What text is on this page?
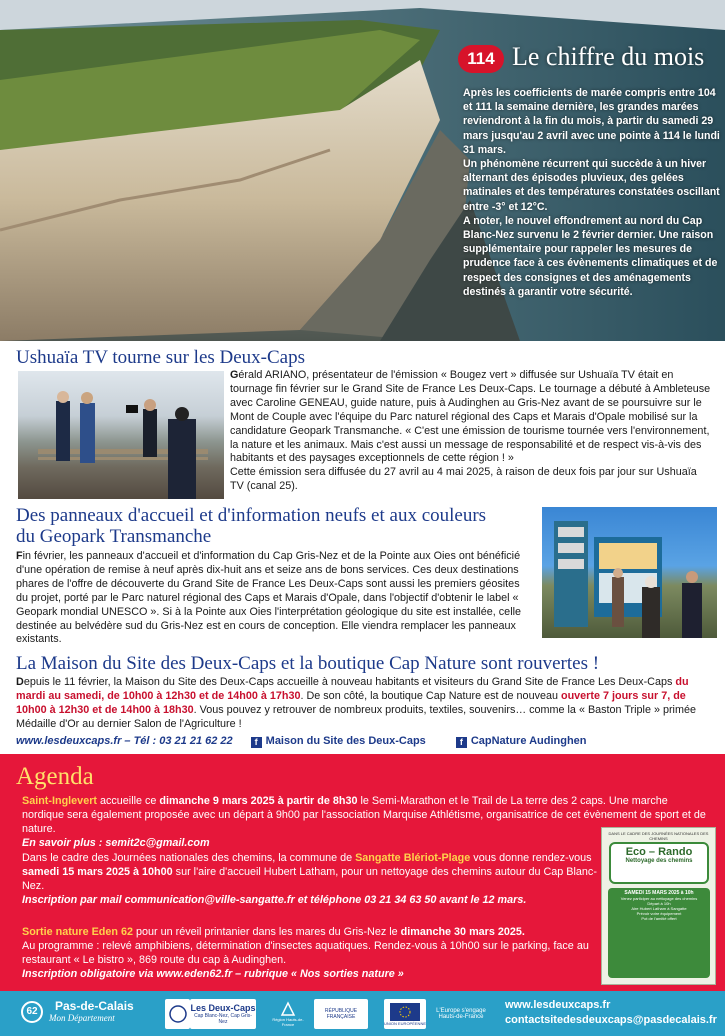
114 Le chiffre du mois

Après les coefficients de marée compris entre 104 et 111 la semaine dernière, les grandes marées reviendront à la fin du mois, à partir du samedi 29 mars jusqu'au 2 avril avec une pointe à 114 le lundi 31 mars.

Un phénomène récurrent qui succède à un hiver alternant des épisodes pluvieux, des gelées matinales et des températures constatées oscillant entre -3° et 12°C.

A noter, le nouvel effondrement au nord du Cap Blanc-Nez survenu le 2 février dernier. Une raison supplémentaire pour rappeler les mesures de prudence face à ces évènements climatiques et de respect des consignes et des aménagements destinés à garantir votre sécurité.

Ushuaïa TV tourne sur les Deux-Caps
Gérald ARIANO, présentateur de l'émission « Bougez vert » diffusée sur Ushuaïa TV était en tournage fin février sur le Grand Site de France Les Deux-Caps. Le tournage a débuté à Ambleteuse avec Caroline GENEAU, guide nature, puis à Audinghen au Gris-Nez avant de se poursuivre sur le Mont de Couple avec l'équipe du Parc naturel régional des Caps et Marais d'Opale mobilisé sur la candidature Geopark Transmanche. « C'est une émission de tourisme tournée vers l'environnement, la nature et les animaux. Mais c'est aussi un message de responsabilité et de respect vis-à-vis des habitants et des paysages exceptionnels de cette région ! »
Cette émission sera diffusée du 27 avril au 4 mai 2025, à raison de deux fois par jour sur Ushuaïa TV (canal 25).
Des panneaux d'accueil et d'information neufs et aux couleurs
du Geopark Transmanche
Fin février, les panneaux d'accueil et d'information du Cap Gris-Nez et de la Pointe aux Oies ont bénéficié d'une opération de remise à neuf après dix-huit ans et seize ans de bons services. Ces deux destinations phares de l'offre de découverte du Grand Site de France Les Deux-Caps sont aussi les premiers géosites du projet, porté par le Parc naturel régional des Caps et Marais d'Opale, dans l'objectif d'obtenir le label « Geopark mondial UNESCO ». Si à la Pointe aux Oies l'interprétation géologique du site est installée, celle destinée au belvédère sud du Gris-Nez est en cours de conception. Elle viendra remplacer les panneaux existants.
La Maison du Site des Deux-Caps et la boutique Cap Nature sont rouvertes !
Depuis le 11 février, la Maison du Site des Deux-Caps accueille à nouveau habitants et visiteurs du Grand Site de France Les Deux-Caps du mardi au samedi, de 10h00 à 12h30 et de 14h00 à 17h30. De son côté, la boutique Cap Nature est de nouveau ouverte 7 jours sur 7, de 10h00 à 12h30 et de 14h00 à 18h30. Vous pouvez y retrouver de nombreux produits, textiles, souvenirs… comme la « Baston Triple » primée Médaille d'Or au dernier Salon de l'Agriculture !
www.lesdeuxcaps.fr – Tél : 03 21 21 62 22	f Maison du Site des Deux-Caps	f CapNature Audinghen
Agenda
Saint-Inglevert accueille ce dimanche 9 mars 2025 à partir de 8h30 le Semi-Marathon et le Trail de La terre des 2 caps. Une marche nordique sera également proposée avec un départ à 9h00 par l'association Marquise Athlétisme, organisatrice de cet évènement de sport et de nature.
En savoir plus : semit2c@gmail.com
Dans le cadre des Journées nationales des chemins, la commune de Sangatte Blériot-Plage vous donne rendez-vous samedi 15 mars 2025 à 10h00 sur l'aire d'accueil Hubert Latham, pour un nettoyage des chemins autour du Cap Blanc-Nez.
Inscription par mail communication@ville-sangatte.fr et téléphone 03 21 34 63 50 avant le 12 mars.
Sortie nature Eden 62 pour un réveil printanier dans les mares du Gris-Nez le dimanche 30 mars 2025.
Au programme : relevé amphibiens, détermination d'insectes aquatiques. Rendez-vous à 10h00 sur le parking, face au restaurant « Le bistro », 869 route du cap à Audinghen.
Inscription obligatoire via www.eden62.fr – rubrique « Nos sorties nature »
DANS LE CADRE DES JOURNÉES NATIONALES DES CHEMINS
Eco – Rando
Nettoyage des chemins
SAMEDI 15 MARS 2025 à 10h
Venez participer au nettoyage des chemins
Départ à 10h
Aire Hubert Latham à Sangatte
Prévoir votre équipement
Pot de l'amitié offert
62	Pas-de-Calais
Mon Département
Les Deux-Caps
Cap Blanc-Nez, Cap Gris-Nez	Région Hauts-de-France
RÉPUBLIQUE FRANÇAISE
UNION EUROPÉENNE
L'Europe s'engage Hauts-de-France
www.lesdeuxcaps.fr
contactsitedesdeuxcaps@pasdecalais.fr
